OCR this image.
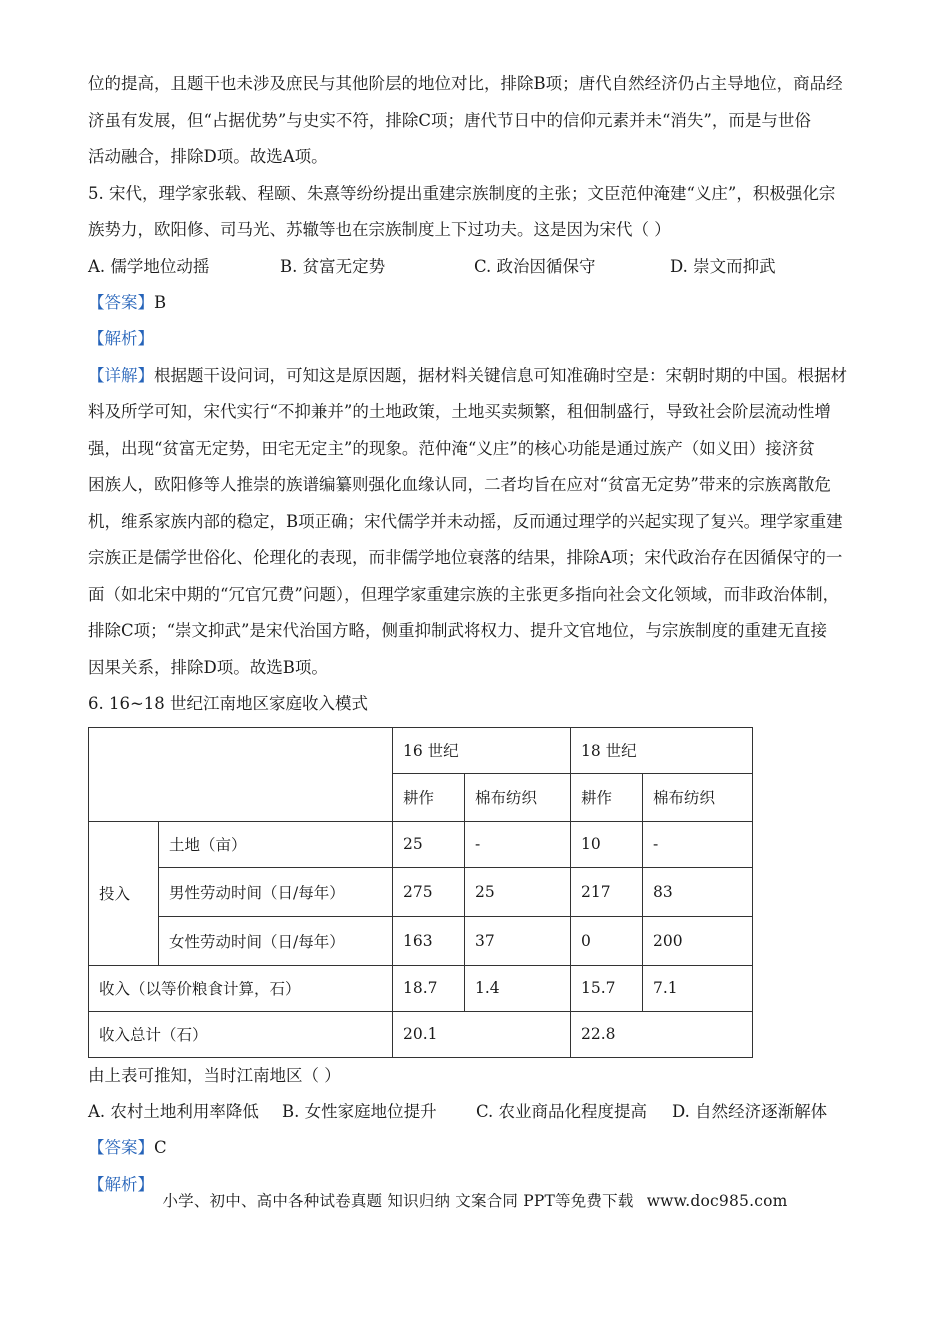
位的提高，且题干也未涉及庶民与其他阶层的地位对比，排除B项；唐代自然经济仍占主导地位，商品经

济虽有发展，但“占据优势”与史实不符，排除C项；唐代节日中的信仰元素并未“消失”，而是与世俗

活动融合，排除D项。故选A项。

5. 宋代，理学家张载、程颐、朱熹等纷纷提出重建宗族制度的主张；文臣范仲淹建“义庄”，积极强化宗

族势力，欧阳修、司马光、苏辙等也在宗族制度上下过功夫。这是因为宋代（ ）

A. 儒学地位动摇	B. 贫富无定势	C. 政治因循保守	D. 崇文而抑武

【答案】B

【解析】

【详解】根据题干设问词，可知这是原因题，据材料关键信息可知准确时空是：宋朝时期的中国。根据材

料及所学可知，宋代实行“不抑兼并”的土地政策，土地买卖频繁，租佃制盛行，导致社会阶层流动性增

强，出现“贫富无定势，田宅无定主”的现象。范仲淹“义庄”的核心功能是通过族产（如义田）接济贫

困族人，欧阳修等人推崇的族谱编纂则强化血缘认同，二者均旨在应对“贫富无定势”带来的宗族离散危

机，维系家族内部的稳定，B项正确；宋代儒学并未动摇，反而通过理学的兴起实现了复兴。理学家重建

宗族正是儒学世俗化、伦理化的表现，而非儒学地位衰落的结果，排除A项；宋代政治存在因循保守的一

面（如北宋中期的“冗官冗费”问题），但理学家重建宗族的主张更多指向社会文化领域，而非政治体制，

排除C项；“崇文抑武”是宋代治国方略，侧重抑制武将权力、提升文官地位，与宗族制度的重建无直接

因果关系，排除D项。故选B项。

6. 16~18 世纪江南地区家庭收入模式

		16 世纪		18 世纪	
		耕作	棉布纺织	耕作	棉布纺织
投入	土地（亩）	25	-	10	-
	男性劳动时间（日/每年）	275	25	217	83
	女性劳动时间（日/每年）	163	37	0	200
收入（以等价粮食计算，石）		18.7	1.4	15.7	7.1
收入总计（石）		20.1		22.8	

由上表可推知，当时江南地区（ ）

A. 农村土地利用率降低	B. 女性家庭地位提升	C. 农业商品化程度提高	D. 自然经济逐渐解体

【答案】C

【解析】

小学、初中、高中各种试卷真题 知识归纳 文案合同 PPT等免费下载 www.doc985.com
